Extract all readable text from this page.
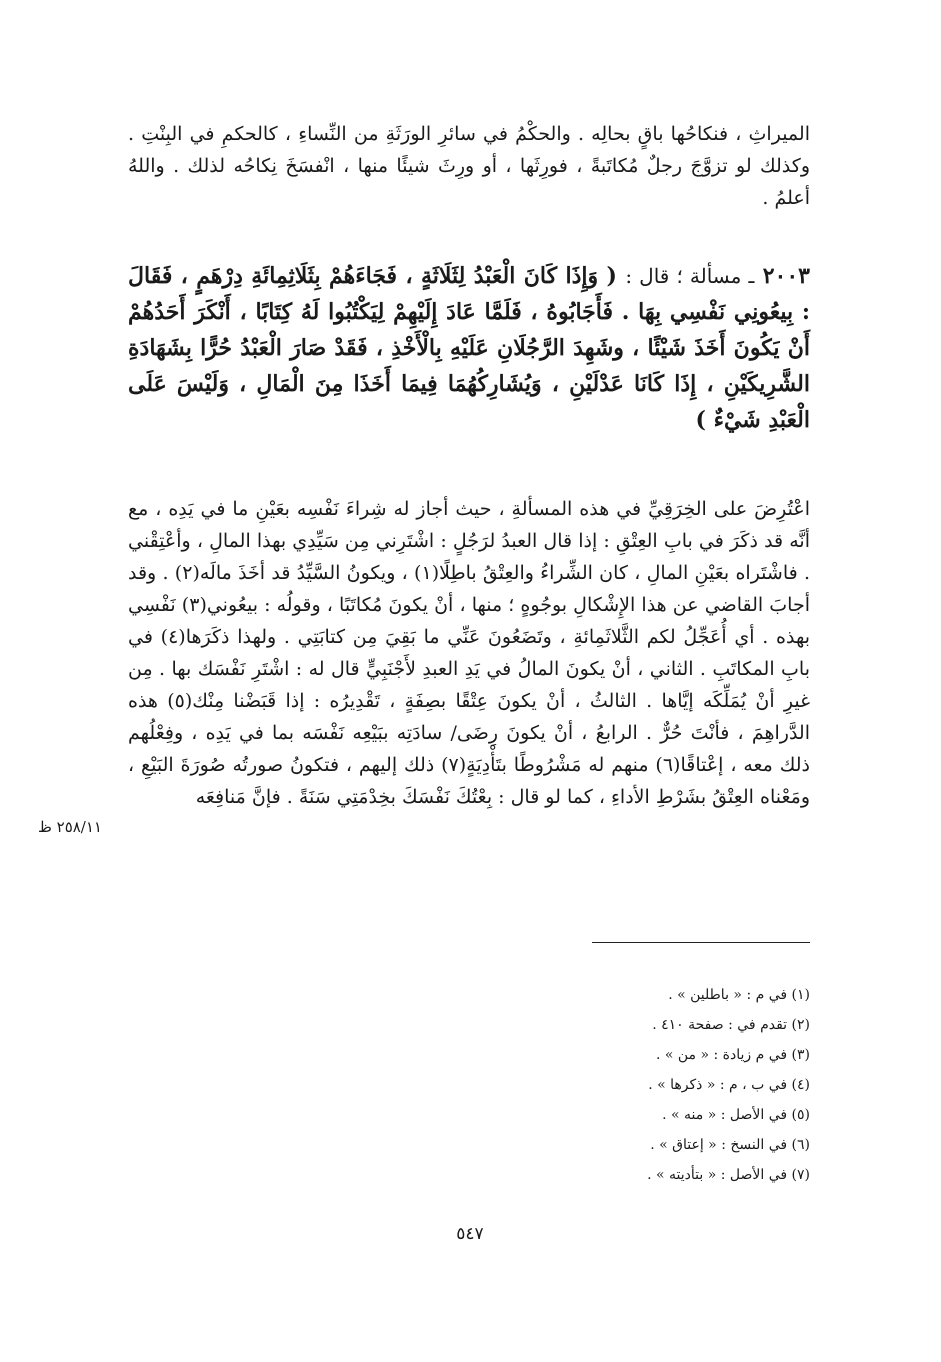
الميراثِ ، فنكاحُها باقٍ بحالِه . والحكْمُ في سائرِ الورَثَةِ من النِّساءِ ، كالحكمِ في البِنْتِ . وكذلك لو تزوَّجَ رجلٌ مُكاتَبةً ، فورِثَها ، أو ورِثَ شيئًا منها ، انْفسَخَ نِكاحُه لذلك . واللهُ أعلمُ .

٢٠٠٣ ـ مسألة ؛ قال : ( وَإِذَا كَانَ الْعَبْدُ لِثَلَاثَةٍ ، فَجَاءَهُمْ بِثَلَاثِمِائَةِ دِرْهَمٍ ، فَقَالَ : بِيعُونِي نَفْسِي بِهَا . فَأَجَابُوهُ ، فَلَمَّا عَادَ إِلَيْهِمْ لِيَكْتُبُوا لَهُ كِتَابًا ، أَنْكَرَ أَحَدُهُمْ أَنْ يَكُونَ أَخَذَ شَيْئًا ، وشَهِدَ الرَّجُلَانِ عَلَيْهِ بِالْأَخْذِ ، فَقَدْ صَارَ الْعَبْدُ حُرًّا بِشَهَادَةِ الشَّرِيكَيْنِ ، إِذَا كَانَا عَدْلَيْنِ ، وَيُشَارِكُهُمَا فِيمَا أَخَذَا مِنَ الْمَالِ ، وَلَيْسَ عَلَى الْعَبْدِ شَيْءٌ )

اعْتُرِضَ على الخِرَقِيِّ في هذه المسألةِ ، حيث أجاز له شِراءَ نَفْسِه بعَيْنِ ما في يَدِه ، مع أنَّه قد ذكَرَ في بابِ العِتْقِ : إذا قال العبدُ لرَجُلٍ : اشْتَرِني مِن سَيِّدِي بهذا المالِ ، وأعْتِقْني . فاشْتَراه بعَيْنِ المالِ ، كان الشِّراءُ والعِتْقُ باطِلًا(١) ، ويكونُ السَّيِّدُ قد أخَذَ مالَه(٢) . وقد أجابَ القاضي عن هذا الإِشْكالِ بوجُوهٍ ؛ منها ، أنْ يكونَ مُكاتَبًا ، وقولُه : بيعُوني(٣) نَفْسِي بهذه . أي أُعَجِّلُ لكم الثَّلاثَمِائةِ ، وتَضَعُونَ عَنِّي ما بَقِيَ مِن كتابَتِي . ولهذا ذكَرَها(٤) في بابِ المكاتَبِ . الثاني ، أنْ يكونَ المالُ في يَدِ العبدِ لأَجْنَبِيٍّ قال له : اشْتَرِ نَفْسَك بها . مِن غيرِ أنْ يُمَلِّكَه إيَّاها . الثالثُ ، أنْ يكونَ عِتْقًا بصِفَةٍ ، تَقْدِيرُه : إذا قَبَضْنا مِنْك(٥) هذه الدَّراهِمَ ، فأنْتَ حُرٌّ . الرابعُ ، أنْ يكونَ رِضَى/ سادَتِه ببَيْعِه نَفْسَه بما في يَدِه ، وفِعْلُهم ذلك معه ، إعْتاقًا(٦) منهم له مَشْرُوطًا بتَأْدِيَةٍ(٧) ذلك إليهم ، فتكونُ صورتُه صُورَةَ البَيْعِ ، ومَعْناه العِتْقُ بشَرْطِ الأداءِ ، كما لو قال : بِعْتُكَ نَفْسَكَ بخِدْمَتِي سَنَةً . فإنَّ مَنافِعَه

٢٥٨/١١ ظ
(١) في م : « باطلين » .
(٢) تقدم في : صفحة ٤١٠ .
(٣) في م زيادة : « من » .
(٤) في ب ، م : « ذكرها » .
(٥) في الأصل : « منه » .
(٦) في النسخ : « إعتاق » .
(٧) في الأصل : « بتأديته » .
٥٤٧
